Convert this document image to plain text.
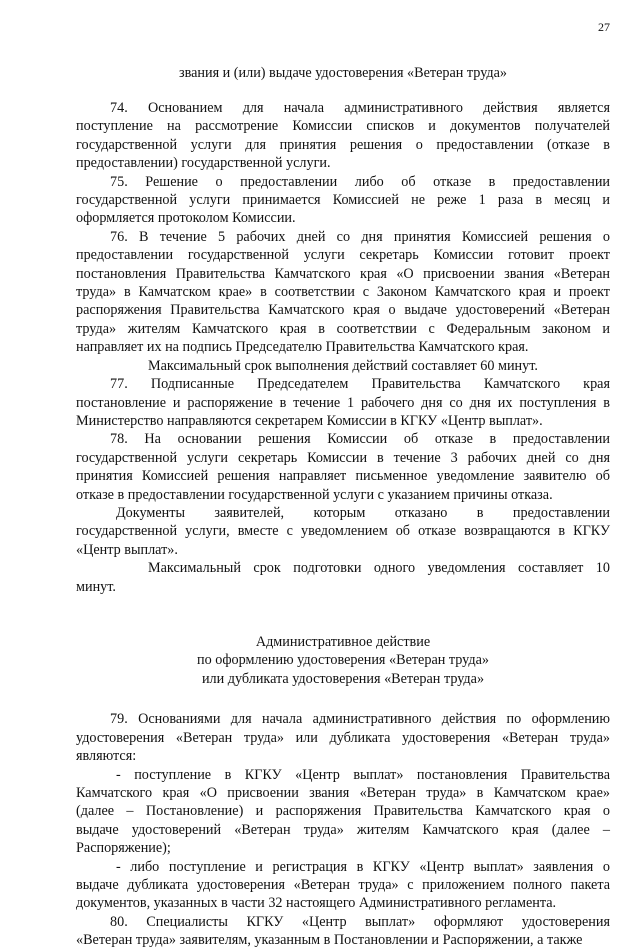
27
звания и (или) выдаче удостоверения «Ветеран труда»
74. Основанием для начала административного действия является
поступление на рассмотрение Комиссии списков и документов получателей
государственной услуги для принятия решения о предоставлении (отказе в
предоставлении) государственной услуги.
75. Решение о предоставлении либо об отказе в предоставлении
государственной услуги принимается Комиссией не реже 1 раза в месяц и
оформляется протоколом Комиссии.
76. В течение 5 рабочих дней со дня принятия Комиссией решения о
предоставлении государственной услуги секретарь Комиссии готовит проект
постановления Правительства Камчатского края «О присвоении звания «Ветеран
труда» в Камчатском крае» в соответствии с Законом Камчатского края и проект
распоряжения Правительства Камчатского края о выдаче удостоверений «Ветеран
труда» жителям Камчатского края в соответствии с Федеральным законом и
направляет их на подпись Председателю Правительства Камчатского края.
Максимальный срок выполнения действий составляет 60 минут.
77. Подписанные Председателем Правительства Камчатского края
постановление и распоряжение в течение 1 рабочего дня со дня их поступления в
Министерство направляются секретарем Комиссии в КГКУ «Центр выплат».
78. На основании решения Комиссии об отказе в предоставлении
государственной услуги секретарь Комиссии в течение 3 рабочих дней со дня
принятия Комиссией решения направляет письменное уведомление заявителю об
отказе в предоставлении государственной услуги с указанием причины отказа.
Документы заявителей, которым отказано в предоставлении
государственной услуги, вместе с уведомлением об отказе возвращаются в КГКУ
«Центр выплат».
Максимальный срок подготовки одного уведомления составляет 10
минут.
Административное действие
по оформлению удостоверения «Ветеран труда»
или дубликата удостоверения «Ветеран труда»
79. Основаниями для начала административного действия по оформлению
удостоверения «Ветеран труда» или дубликата удостоверения «Ветеран труда»
являются:
- поступление в КГКУ «Центр выплат» постановления Правительства
Камчатского края «О присвоении звания «Ветеран труда» в Камчатском крае»
(далее – Постановление) и распоряжения Правительства Камчатского края о
выдаче удостоверений «Ветеран труда» жителям Камчатского края (далее –
Распоряжение);
- либо поступление и регистрация в КГКУ «Центр выплат» заявления о
выдаче дубликата удостоверения «Ветеран труда» с приложением полного пакета
документов, указанных в части 32 настоящего Административного регламента.
80. Специалисты КГКУ «Центр выплат» оформляют удостоверения
«Ветеран труда» заявителям, указанным в Постановлении и Распоряжении, а также
